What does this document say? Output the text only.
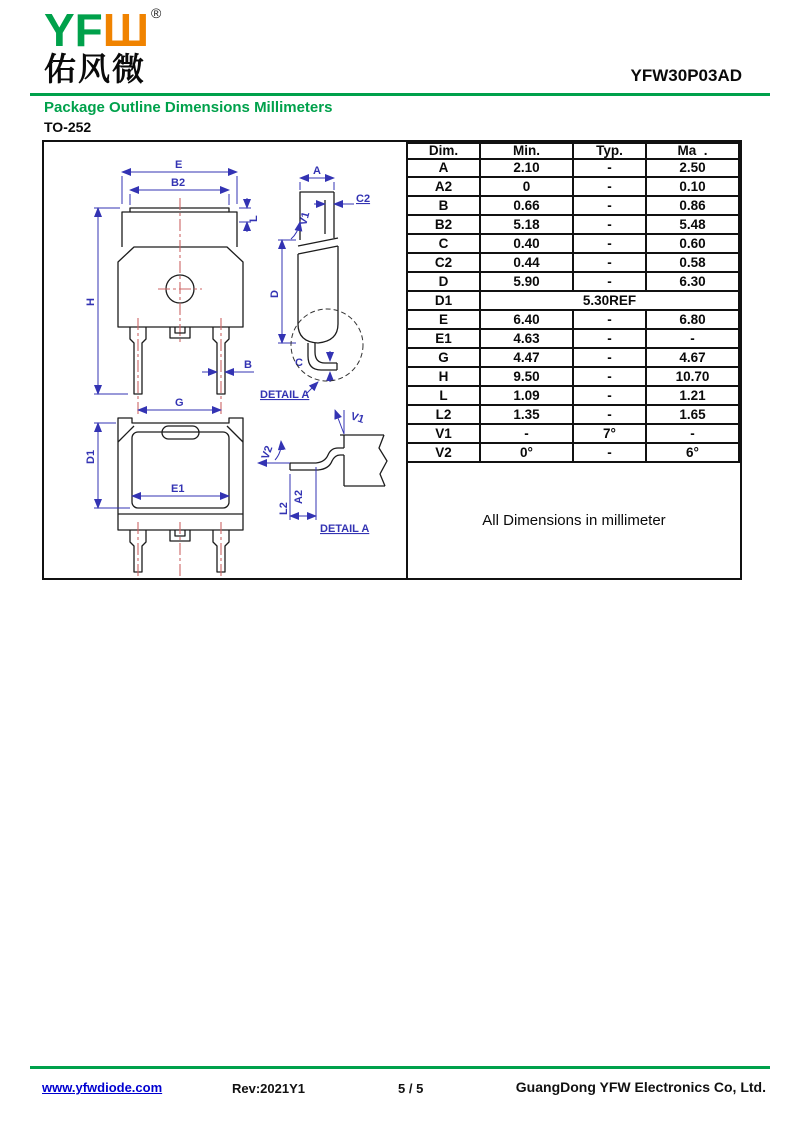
YFШ ®
佑风微	YFW30P03AD
Package Outline Dimensions Millimeters
TO-252
E
B2
L
H
G
B
A
C2
V1
D
C
DETAIL A
D1
E1
V1
V2
A2
L2
DETAIL A
Dim.	Min.	Typ.	Ma  .
A	2.10	-	2.50
A2	0	-	0.10
B	0.66	-	0.86
B2	5.18	-	5.48
C	0.40	-	0.60
C2	0.44	-	0.58
D	5.90	-	6.30
D1	5.30REF		
E	6.40	-	6.80
E1	4.63	-	-
G	4.47	-	4.67
H	9.50	-	10.70
L	1.09	-	1.21
L2	1.35	-	1.65
V1	-	7°	-
V2	0°	-	6°
All Dimensions in millimeter
www.yfwdiode.com	Rev:2021Y1	5 / 5	GuangDong YFW Electronics Co, Ltd.
